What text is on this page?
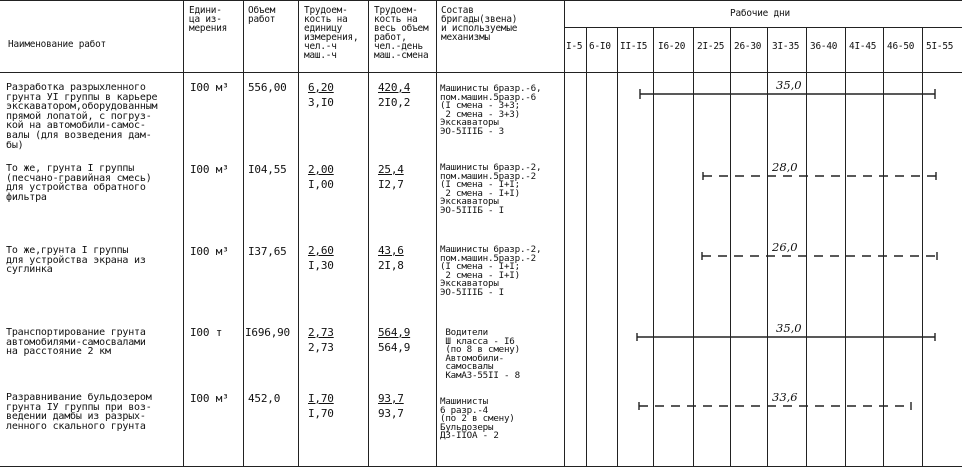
Наименование работ
Едини-
ца из-
мерения
Объем
работ
Трудоем-
кость на
единицу
измерения,
чел.-ч
маш.-ч
Трудоем-
кость на
весь объем
работ,
чел.-день
маш.-смена
Состав
бригады(звена)
и используемые
механизмы
Рабочие дни
I-5 6-I0 II-I5 I6-20 2I-25 26-30 3I-35 36-40 4I-45 46-50 5I-55
Разработка разрыхленного
грунта УI группы в карьере
экскаватором,оборудованным
прямой лопатой, с погруз-
кой на автомобили-самос-
валы (для возведения дам-
бы)
I00 м³ 556,00 6,20
3,I0
420,4
2I0,2
Машинисты 6разр.-6,
пом.машин.5разр.-6
(I смена - 3+3;
2 смена - 3+3)
Экскаваторы
ЭО-5IIIБ - 3
35,0
То же, грунта I группы
(песчано-гравийная смесь)
для устройства обратного
фильтра
I00 м³ I04,55 2,00
I,00
25,4
I2,7
Машинисты 6разр.-2,
пом.машин.5разр.-2
(I смена - I+I;
2 смена - I+I)
Экскаваторы
ЭО-5IIIБ - I
28,0
То же,грунта I группы
для устройства экрана из
суглинка
I00 м³ I37,65 2,60
I,30
43,6
2I,8
Машинисты 6разр.-2,
пом.машин.5разр.-2
(I смена - I+I;
2 смена - I+I)
Экскаваторы
ЭО-5IIIБ - I
26,0
Транспортирование грунта
автомобилями-самосвалами
на расстояние 2 км
I00 т I696,90 2,73
2,73
564,9
564,9
Водители
Ш класса - I6
(по 8 в смену)
Автомобили-
самосвалы
КамАЗ-55II - 8
35,0
Разравнивание бульдозером
грунта IУ группы при воз-
ведении дамбы из разрых-
ленного скального грунта
I00 м³ 452,0	I,70
I,70
93,7
93,7
Машинисты
6 разр.-4
(по 2 в смену)
Бульдозеры
ДЗ-IIОА - 2
33,6
